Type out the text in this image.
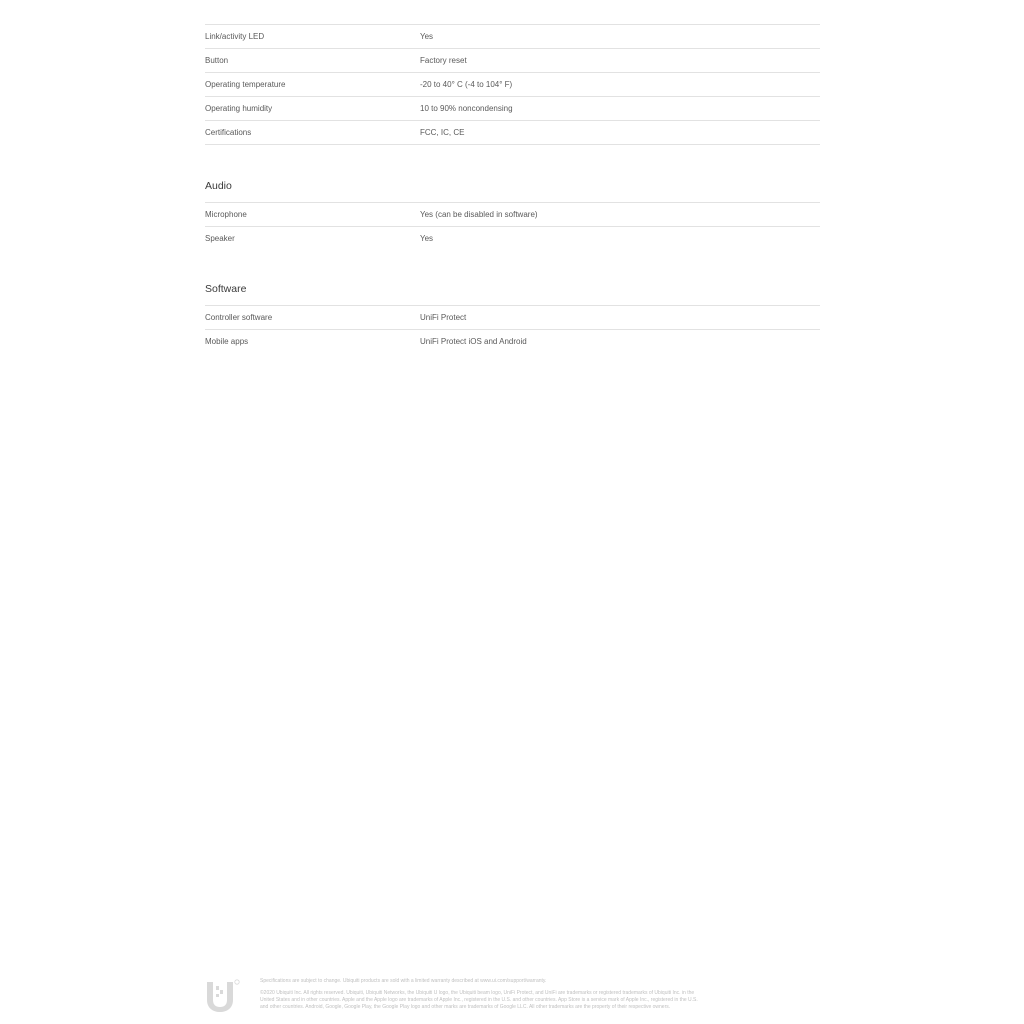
Link/activity LED	Yes
Button	Factory reset
Operating temperature	-20 to 40° C (-4 to 104° F)
Operating humidity	10 to 90% noncondensing
Certifications	FCC, IC, CE
Audio
Microphone	Yes (can be disabled in software)
Speaker	Yes
Software
Controller software	UniFi Protect
Mobile apps	UniFi Protect iOS and Android

Specifications are subject to change. Ubiquiti products are sold with a limited warranty described at www.ui.com/support/warranty.

©2020 Ubiquiti Inc. All rights reserved. Ubiquiti, Ubiquiti Networks, the Ubiquiti U logo, the Ubiquiti beam logo, UniFi Protect, and UniFi are trademarks or registered trademarks of Ubiquiti Inc. in the

United States and in other countries. Apple and the Apple logo are trademarks of Apple Inc., registered in the U.S. and other countries. App Store is a service mark of Apple Inc., registered in the U.S.

and other countries. Android, Google, Google Play, the Google Play logo and other marks are trademarks of Google LLC. All other trademarks are the property of their respective owners.
